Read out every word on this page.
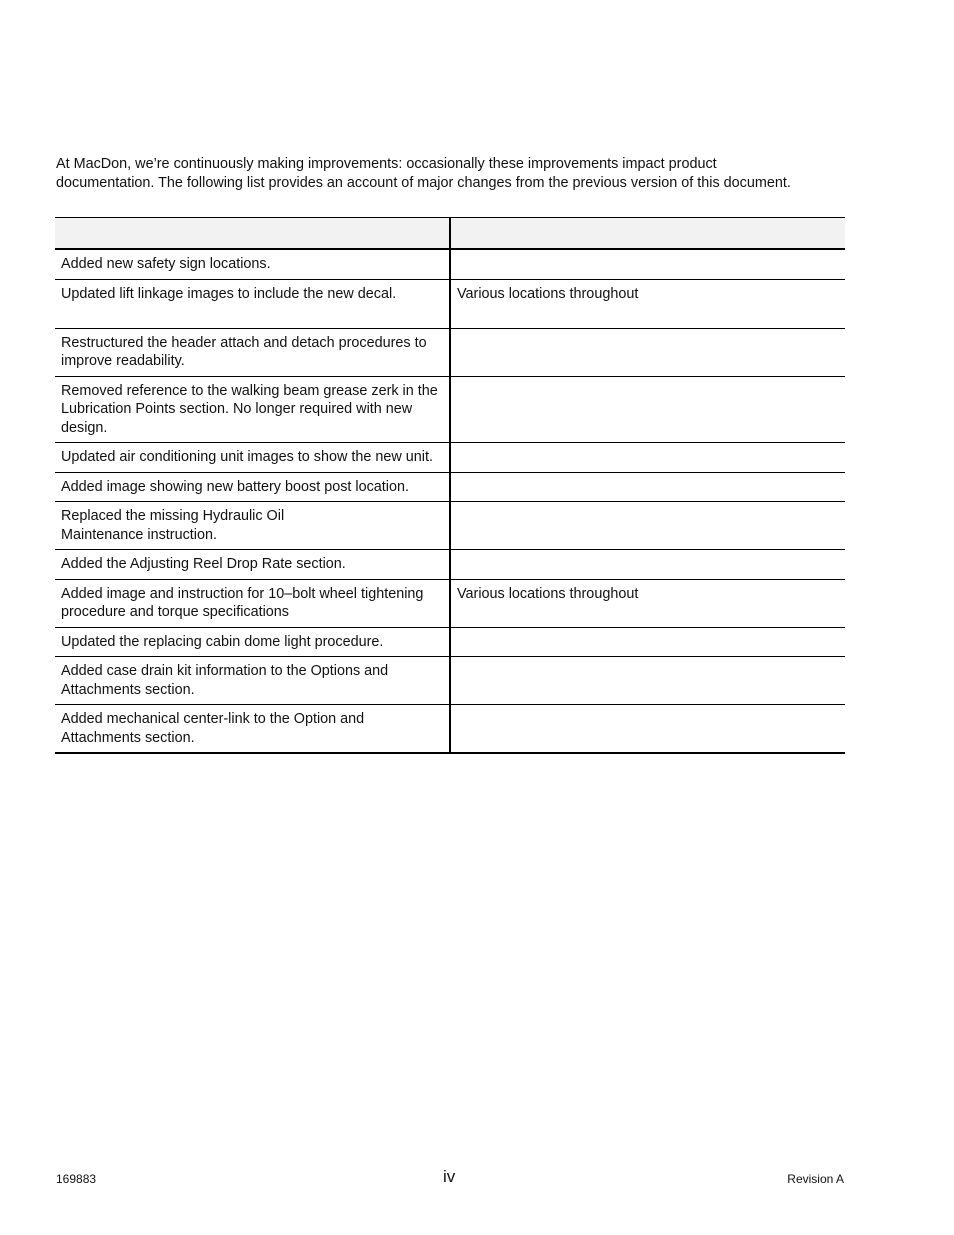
At MacDon, we’re continuously making improvements: occasionally these improvements impact product
documentation. The following list provides an account of major changes from the previous version of this document.

Added new safety sign locations.	
Updated lift linkage images to include the new decal.	Various locations throughout
Restructured the header attach and detach procedures to improve readability.	
Removed reference to the walking beam grease zerk in the Lubrication Points section. No longer required with new design.	
Updated air conditioning unit images to show the new unit.	
Added image showing new battery boost post location.	
Replaced the missing Hydraulic Oil Maintenance instruction.	
Added the Adjusting Reel Drop Rate section.	
Added image and instruction for 10–bolt wheel tightening procedure and torque specifications	Various locations throughout
Updated the replacing cabin dome light procedure.	
Added case drain kit information to the Options and Attachments section.	
Added mechanical center-link to the Option and Attachments section.	
169883	iv	Revision A
